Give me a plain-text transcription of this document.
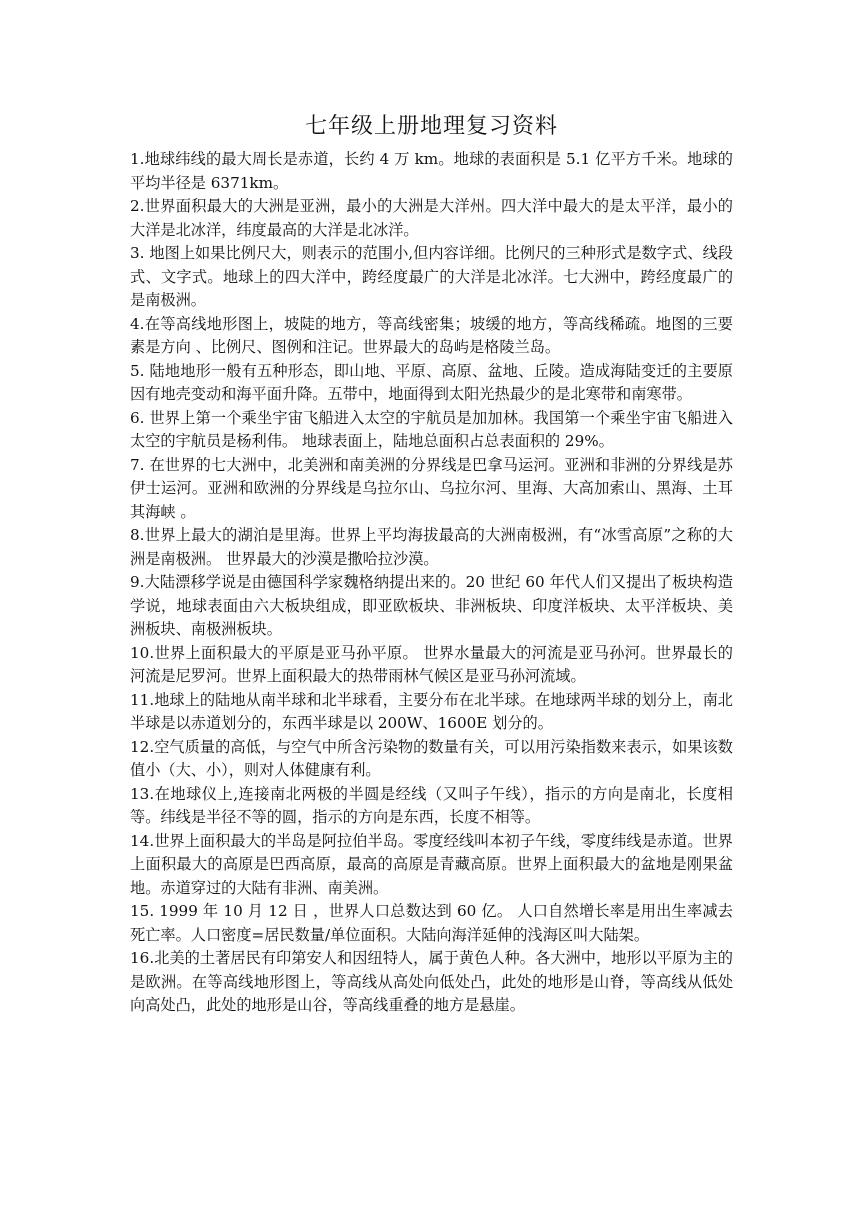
七年级上册地理复习资料

1.地球纬线的最大周长是赤道，长约 4 万 km。地球的表面积是 5.1 亿平方千米。地球的平均半径是 6371km。

2.世界面积最大的大洲是亚洲，最小的大洲是大洋州。四大洋中最大的是太平洋，最小的大洋是北冰洋，纬度最高的大洋是北冰洋。

3. 地图上如果比例尺大，则表示的范围小,但内容详细。比例尺的三种形式是数字式、线段式、文字式。地球上的四大洋中，跨经度最广的大洋是北冰洋。七大洲中，跨经度最广的是南极洲。

4.在等高线地形图上，坡陡的地方，等高线密集；坡缓的地方，等高线稀疏。地图的三要素是方向 、比例尺、图例和注记。世界最大的岛屿是格陵兰岛。

5. 陆地地形一般有五种形态，即山地、平原、高原、盆地、丘陵。造成海陆变迁的主要原因有地壳变动和海平面升降。五带中，地面得到太阳光热最少的是北寒带和南寒带。

6. 世界上第一个乘坐宇宙飞船进入太空的宇航员是加加林。我国第一个乘坐宇宙飞船进入太空的宇航员是杨利伟。 地球表面上，陆地总面积占总表面积的 29%。

7. 在世界的七大洲中，北美洲和南美洲的分界线是巴拿马运河。亚洲和非洲的分界线是苏伊士运河。亚洲和欧洲的分界线是乌拉尔山、乌拉尔河、里海、大高加索山、黑海、土耳其海峡 。

8.世界上最大的湖泊是里海。世界上平均海拔最高的大洲南极洲，有“冰雪高原”之称的大洲是南极洲。 世界最大的沙漠是撒哈拉沙漠。

9.大陆漂移学说是由德国科学家魏格纳提出来的。20 世纪 60 年代人们又提出了板块构造学说，地球表面由六大板块组成，即亚欧板块、非洲板块、印度洋板块、太平洋板块、美洲板块、南极洲板块。

10.世界上面积最大的平原是亚马孙平原。 世界水量最大的河流是亚马孙河。世界最长的河流是尼罗河。世界上面积最大的热带雨林气候区是亚马孙河流域。

11.地球上的陆地从南半球和北半球看，主要分布在北半球。在地球两半球的划分上，南北半球是以赤道划分的，东西半球是以 200W、1600E 划分的。

12.空气质量的高低，与空气中所含污染物的数量有关，可以用污染指数来表示，如果该数值小（大、小），则对人体健康有利。

13.在地球仪上,连接南北两极的半圆是经线（又叫子午线），指示的方向是南北，长度相等。纬线是半径不等的圆，指示的方向是东西，长度不相等。

14.世界上面积最大的半岛是阿拉伯半岛。零度经线叫本初子午线，零度纬线是赤道。世界上面积最大的高原是巴西高原，最高的高原是青藏高原。世界上面积最大的盆地是刚果盆地。赤道穿过的大陆有非洲、南美洲。

15. 1999 年 10 月 12 日 ，世界人口总数达到 60 亿。 人口自然增长率是用出生率减去死亡率。人口密度=居民数量/单位面积。大陆向海洋延伸的浅海区叫大陆架。

16.北美的土著居民有印第安人和因纽特人，属于黄色人种。各大洲中，地形以平原为主的是欧洲。在等高线地形图上，等高线从高处向低处凸，此处的地形是山脊，等高线从低处向高处凸，此处的地形是山谷，等高线重叠的地方是悬崖。
